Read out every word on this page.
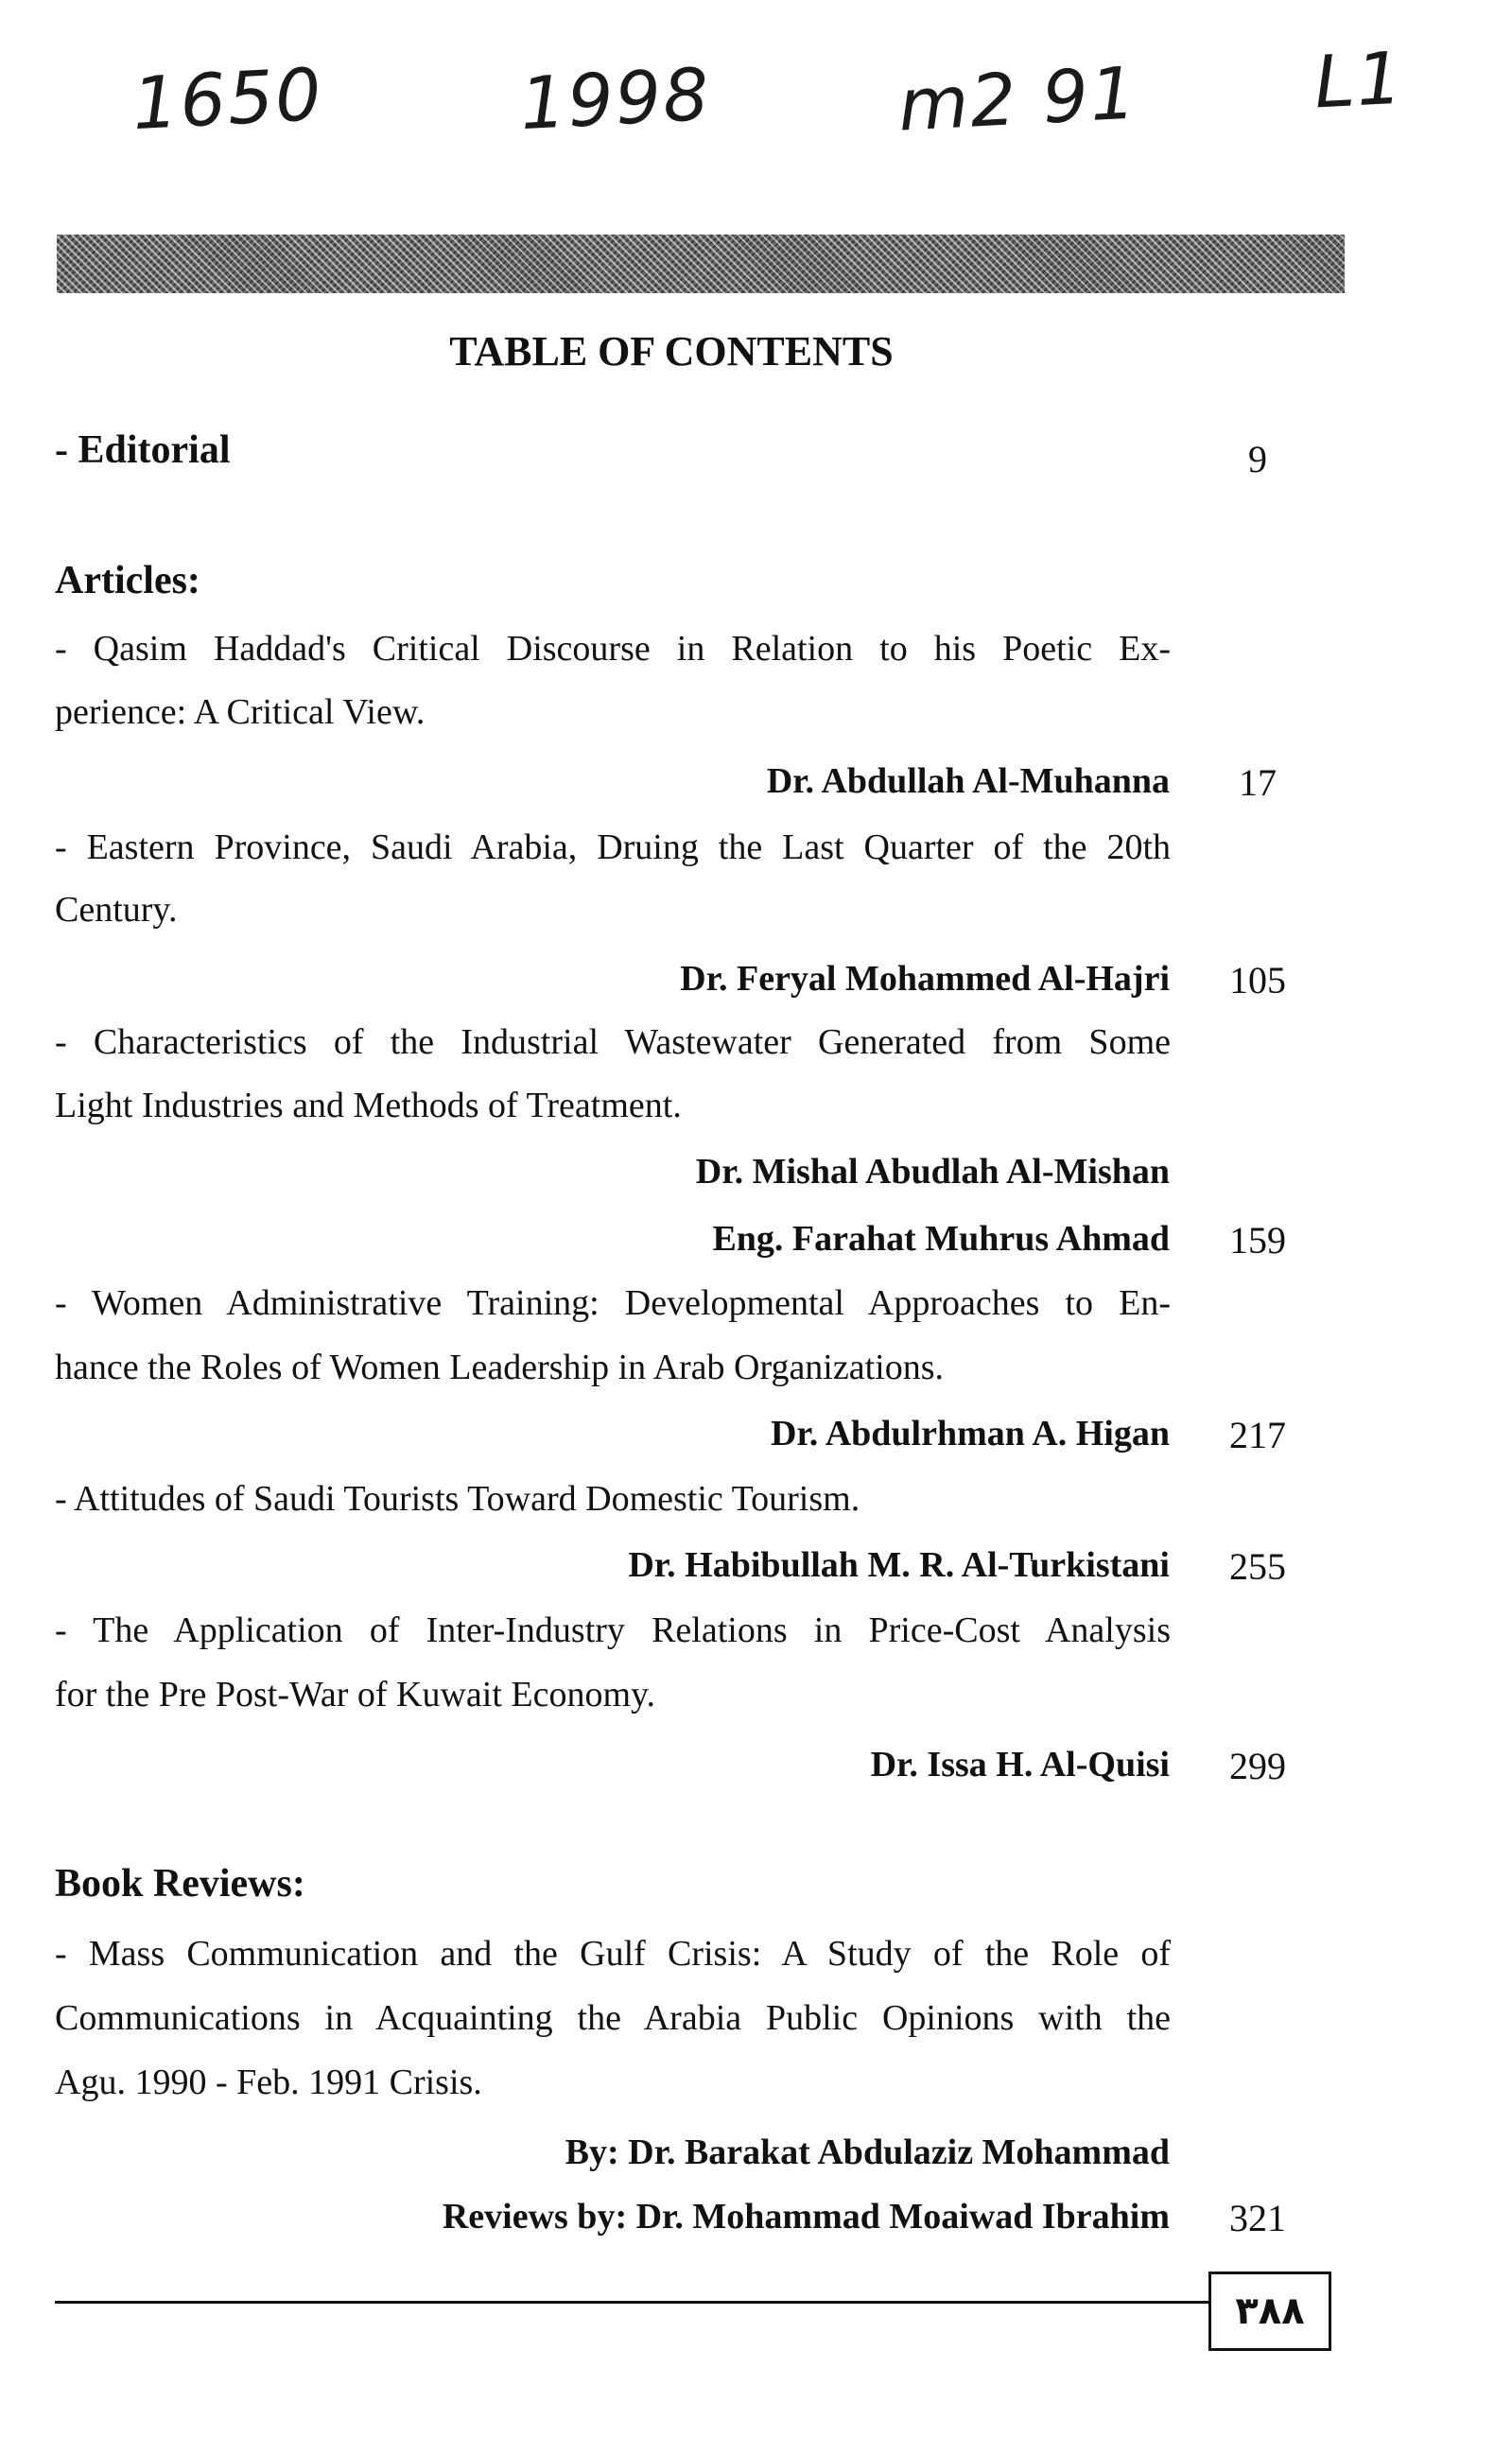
1650	1998	m2 91 L1
TABLE OF CONTENTS
- Editorial	9
Articles:
- Qasim Haddad's Critical Discourse in Relation to his Poetic Ex-
perience: A Critical View.
Dr. Abdullah Al-Muhanna	17
- Eastern Province, Saudi Arabia, Druing the Last Quarter of the 20th
Century.
Dr. Feryal Mohammed Al-Hajri	105
- Characteristics of the Industrial Wastewater Generated from Some
Light Industries and Methods of Treatment.
Dr. Mishal Abudlah Al-Mishan
Eng. Farahat Muhrus Ahmad	159
- Women Administrative Training: Developmental Approaches to En-
hance the Roles of Women Leadership in Arab Organizations.
Dr. Abdulrhman A. Higan	217
- Attitudes of Saudi Tourists Toward Domestic Tourism.
Dr. Habibullah M. R. Al-Turkistani	255
- The Application of Inter-Industry Relations in Price-Cost Analysis
for the Pre Post-War of Kuwait Economy.
Dr. Issa H. Al-Quisi	299
Book Reviews:
- Mass Communication and the Gulf Crisis: A Study of the Role of
Communications in Acquainting the Arabia Public Opinions with the
Agu. 1990 - Feb. 1991 Crisis.
By: Dr. Barakat Abdulaziz Mohammad
Reviews by: Dr. Mohammad Moaiwad Ibrahim	321
٣٨٨
